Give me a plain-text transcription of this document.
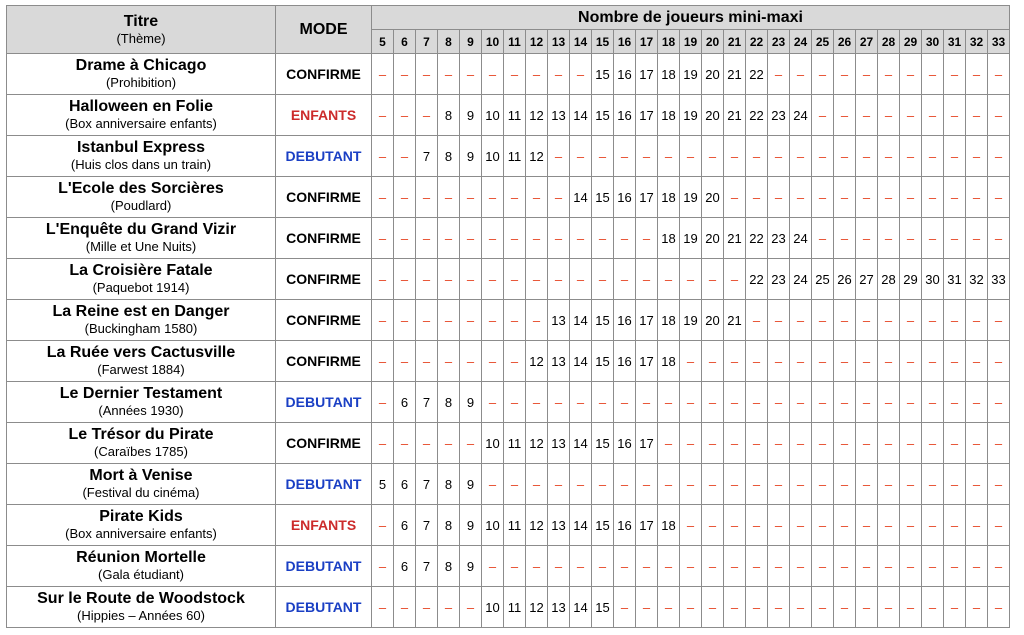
Titre
(Thème)	MODE	Nombre de joueurs mini-maxi																												
		5	6	7	8	9	10	11	12	13	14	15	16	17	18	19	20	21	22	23	24	25	26	27	28	29	30	31	32	33

Drame à Chicago
(Prohibition)	CONFIRME	–	–	–	–	–	–	–	–	–	–	15	16	17	18	19	20	21	22	–	–	–	–	–	–	–	–	–	–	–

Halloween en Folie
(Box anniversaire enfants)	ENFANTS	–	–	–	8	9	10	11	12	13	14	15	16	17	18	19	20	21	22	23	24	–	–	–	–	–	–	–	–	–

Istanbul Express
(Huis clos dans un train)	DEBUTANT	–	–	7	8	9	10	11	12	–	–	–	–	–	–	–	–	–	–	–	–	–	–	–	–	–	–	–	–	–

L'Ecole des Sorcières
(Poudlard)	CONFIRME	–	–	–	–	–	–	–	–	–	14	15	16	17	18	19	20	–	–	–	–	–	–	–	–	–	–	–	–	–

L'Enquête du Grand Vizir
(Mille et Une Nuits)	CONFIRME	–	–	–	–	–	–	–	–	–	–	–	–	–	18	19	20	21	22	23	24	–	–	–	–	–	–	–	–	–

La Croisière Fatale
(Paquebot 1914)	CONFIRME	–	–	–	–	–	–	–	–	–	–	–	–	–	–	–	–	–	22	23	24	25	26	27	28	29	30	31	32	33

La Reine est en Danger
(Buckingham 1580)	CONFIRME	–	–	–	–	–	–	–	–	13	14	15	16	17	18	19	20	21	–	–	–	–	–	–	–	–	–	–	–	–

La Ruée vers Cactusville
(Farwest 1884)	CONFIRME	–	–	–	–	–	–	–	12	13	14	15	16	17	18	–	–	–	–	–	–	–	–	–	–	–	–	–	–	–

Le Dernier Testament
(Années 1930)	DEBUTANT	–	6	7	8	9	–	–	–	–	–	–	–	–	–	–	–	–	–	–	–	–	–	–	–	–	–	–	–	–

Le Trésor du Pirate
(Caraïbes 1785)	CONFIRME	–	–	–	–	–	10	11	12	13	14	15	16	17	–	–	–	–	–	–	–	–	–	–	–	–	–	–	–	–

Mort à Venise
(Festival du cinéma)	DEBUTANT	5	6	7	8	9	–	–	–	–	–	–	–	–	–	–	–	–	–	–	–	–	–	–	–	–	–	–	–	–

Pirate Kids
(Box anniversaire enfants)	ENFANTS	–	6	7	8	9	10	11	12	13	14	15	16	17	18	–	–	–	–	–	–	–	–	–	–	–	–	–	–	–

Réunion Mortelle
(Gala étudiant)	DEBUTANT	–	6	7	8	9	–	–	–	–	–	–	–	–	–	–	–	–	–	–	–	–	–	–	–	–	–	–	–	–

Sur le Route de Woodstock
(Hippies – Années 60)	DEBUTANT	–	–	–	–	–	10	11	12	13	14	15	–	–	–	–	–	–	–	–	–	–	–	–	–	–	–	–	–	–
